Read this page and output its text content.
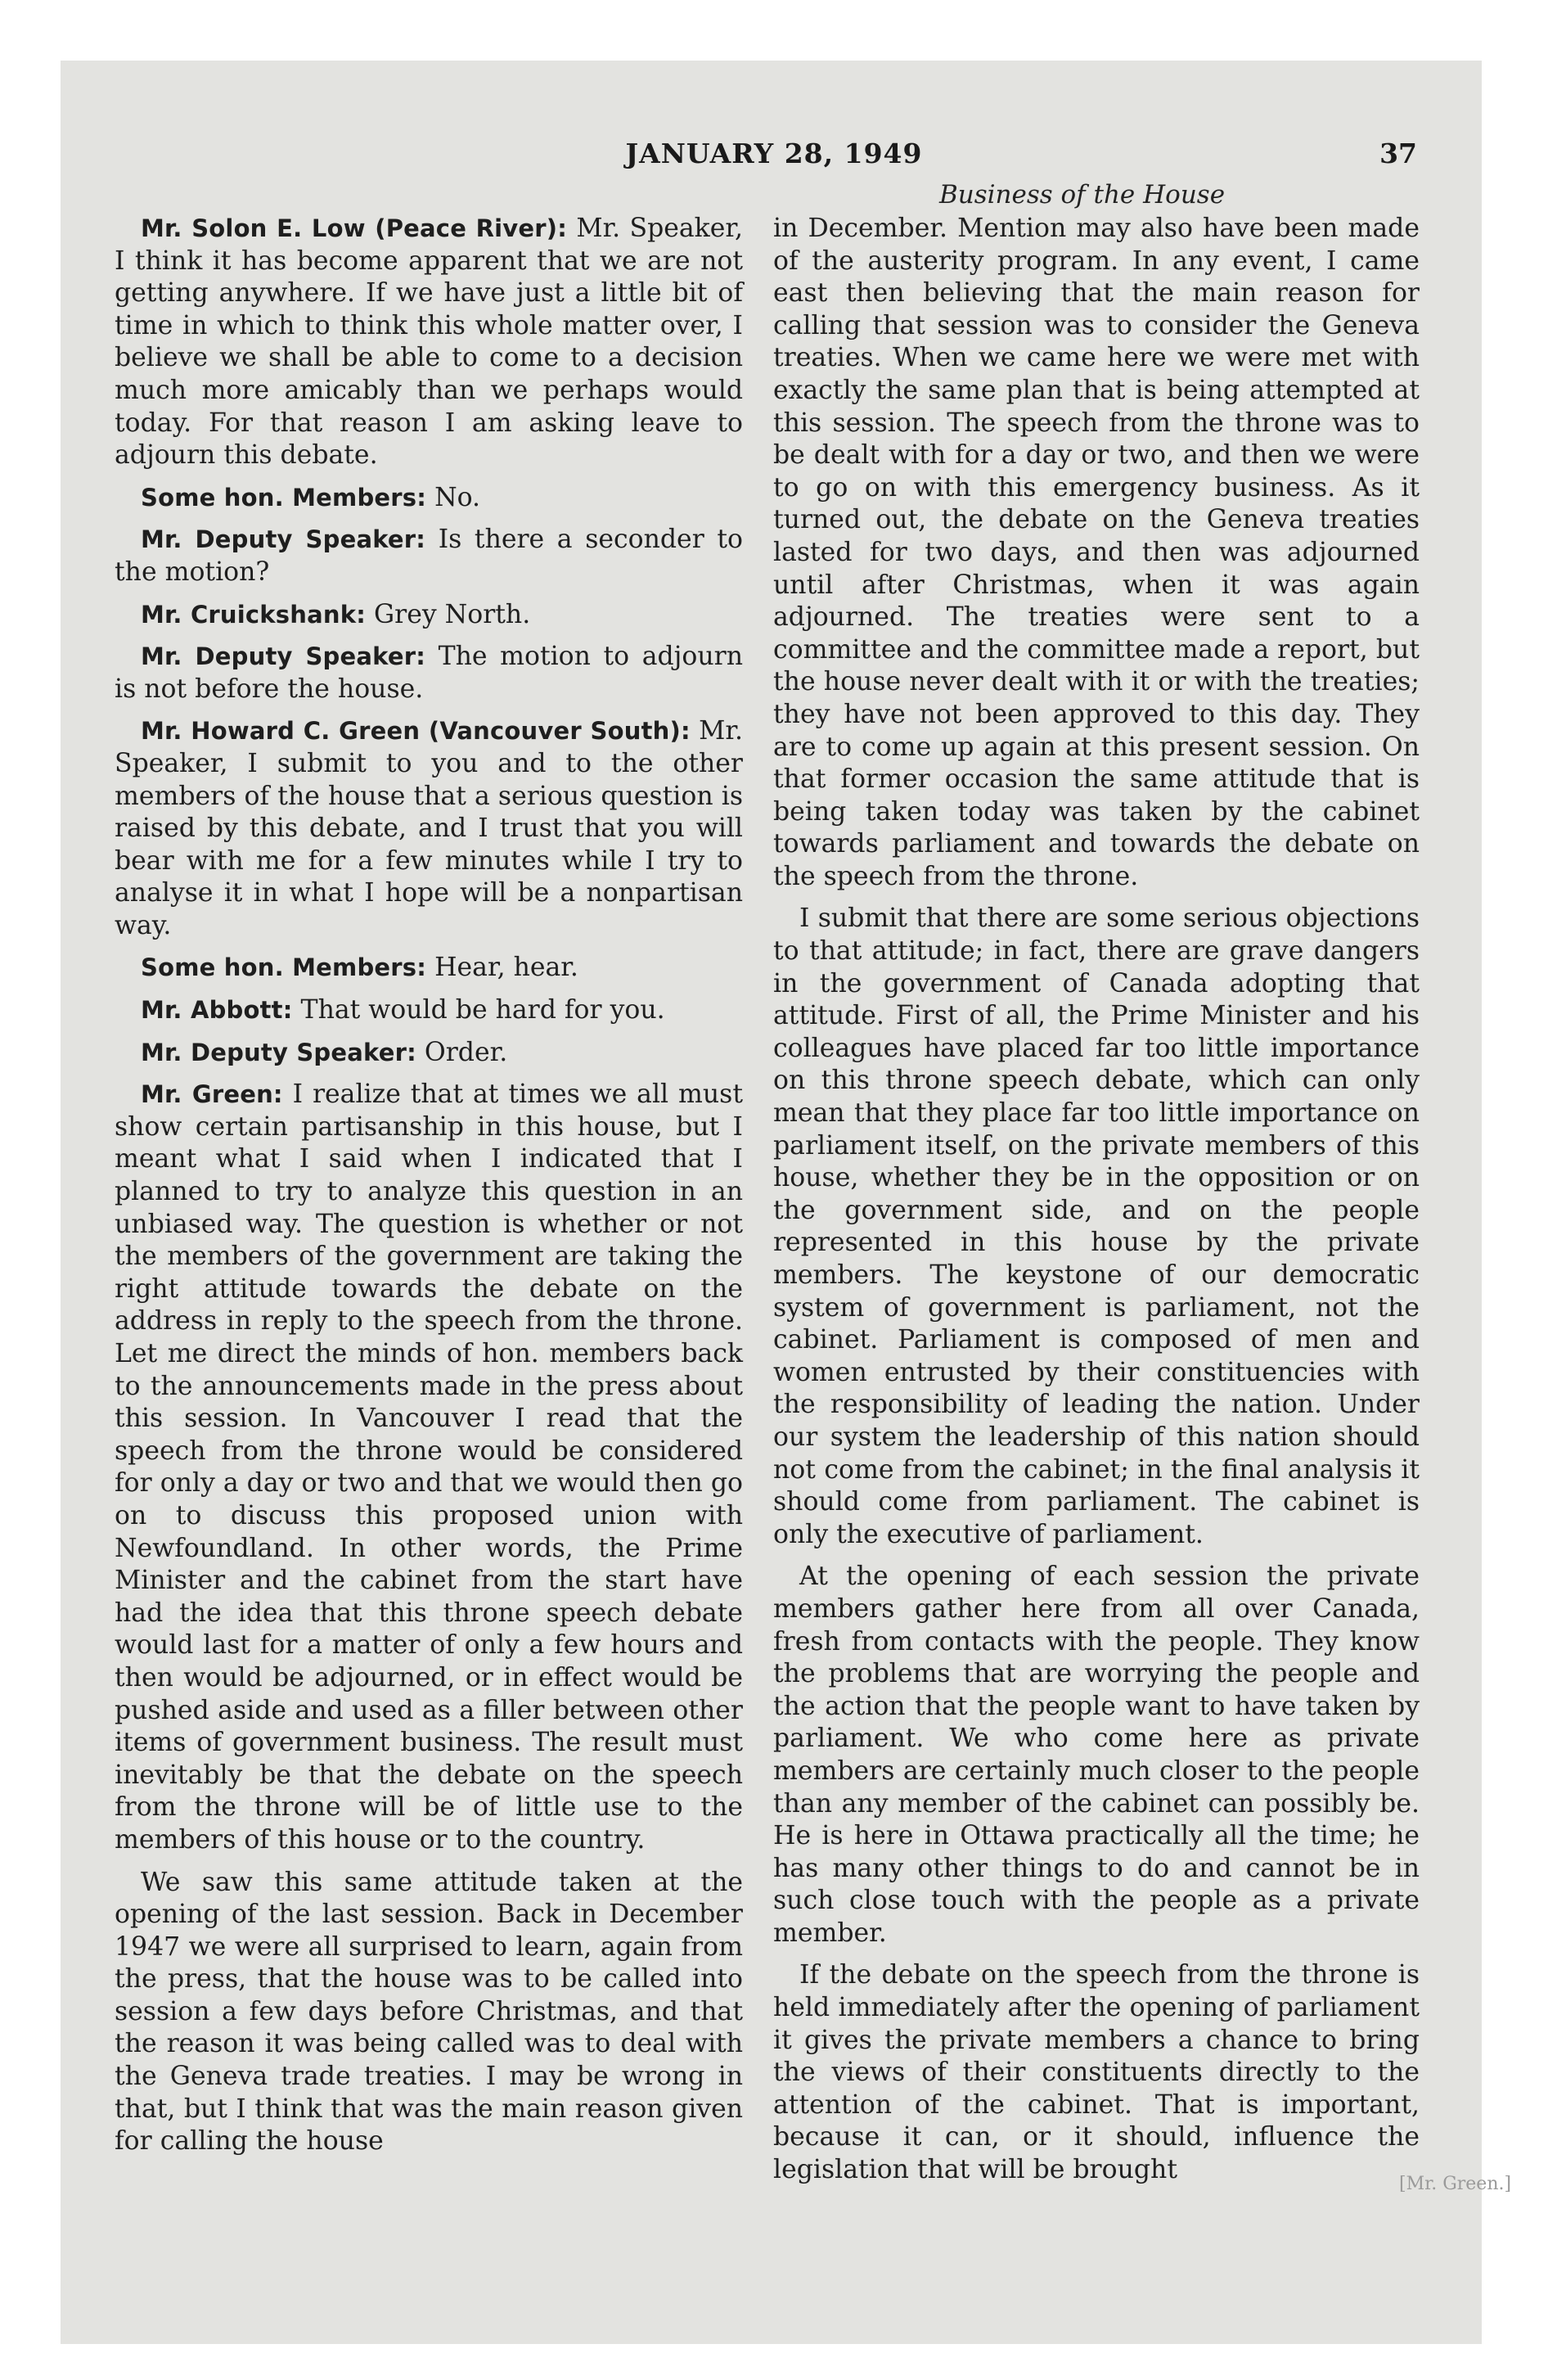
JANUARY 28, 1949	37
Business of the House

Mr. Solon E. Low (Peace River): Mr. Speaker, I think it has become apparent that we are not getting anywhere. If we have just a little bit of time in which to think this whole matter over, I believe we shall be able to come to a decision much more amicably than we perhaps would today. For that reason I am asking leave to adjourn this debate.

Some hon. Members: No.

Mr. Deputy Speaker: Is there a seconder to the motion?

Mr. Cruickshank: Grey North.

Mr. Deputy Speaker: The motion to adjourn is not before the house.

Mr. Howard C. Green (Vancouver South): Mr. Speaker, I submit to you and to the other members of the house that a serious question is raised by this debate, and I trust that you will bear with me for a few minutes while I try to analyse it in what I hope will be a nonpartisan way.

Some hon. Members: Hear, hear.

Mr. Abbott: That would be hard for you.

Mr. Deputy Speaker: Order.

Mr. Green: I realize that at times we all must show certain partisanship in this house, but I meant what I said when I indicated that I planned to try to analyze this question in an unbiased way. The question is whether or not the members of the government are taking the right attitude towards the debate on the address in reply to the speech from the throne. Let me direct the minds of hon. members back to the announcements made in the press about this session. In Vancouver I read that the speech from the throne would be considered for only a day or two and that we would then go on to discuss this proposed union with Newfoundland. In other words, the Prime Minister and the cabinet from the start have had the idea that this throne speech debate would last for a matter of only a few hours and then would be adjourned, or in effect would be pushed aside and used as a filler between other items of government business. The result must inevitably be that the debate on the speech from the throne will be of little use to the members of this house or to the country.

We saw this same attitude taken at the opening of the last session. Back in December 1947 we were all surprised to learn, again from the press, that the house was to be called into session a few days before Christmas, and that the reason it was being called was to deal with the Geneva trade treaties. I may be wrong in that, but I think that was the main reason given for calling the house

in December. Mention may also have been made of the austerity program. In any event, I came east then believing that the main reason for calling that session was to consider the Geneva treaties. When we came here we were met with exactly the same plan that is being attempted at this session. The speech from the throne was to be dealt with for a day or two, and then we were to go on with this emergency business. As it turned out, the debate on the Geneva treaties lasted for two days, and then was adjourned until after Christmas, when it was again adjourned. The treaties were sent to a committee and the committee made a report, but the house never dealt with it or with the treaties; they have not been approved to this day. They are to come up again at this present session. On that former occasion the same attitude that is being taken today was taken by the cabinet towards parliament and towards the debate on the speech from the throne.

I submit that there are some serious objections to that attitude; in fact, there are grave dangers in the government of Canada adopting that attitude. First of all, the Prime Minister and his colleagues have placed far too little importance on this throne speech debate, which can only mean that they place far too little importance on parliament itself, on the private members of this house, whether they be in the opposition or on the government side, and on the people represented in this house by the private members. The keystone of our democratic system of government is parliament, not the cabinet. Parliament is composed of men and women entrusted by their constituencies with the responsibility of leading the nation. Under our system the leadership of this nation should not come from the cabinet; in the final analysis it should come from parliament. The cabinet is only the executive of parliament.

At the opening of each session the private members gather here from all over Canada, fresh from contacts with the people. They know the problems that are worrying the people and the action that the people want to have taken by parliament. We who come here as private members are certainly much closer to the people than any member of the cabinet can possibly be. He is here in Ottawa practically all the time; he has many other things to do and cannot be in such close touch with the people as a private member.

If the debate on the speech from the throne is held immediately after the opening of parliament it gives the private members a chance to bring the views of their constituents directly to the attention of the cabinet. That is important, because it can, or it should, influence the legislation that will be brought	[Mr. Green.]
